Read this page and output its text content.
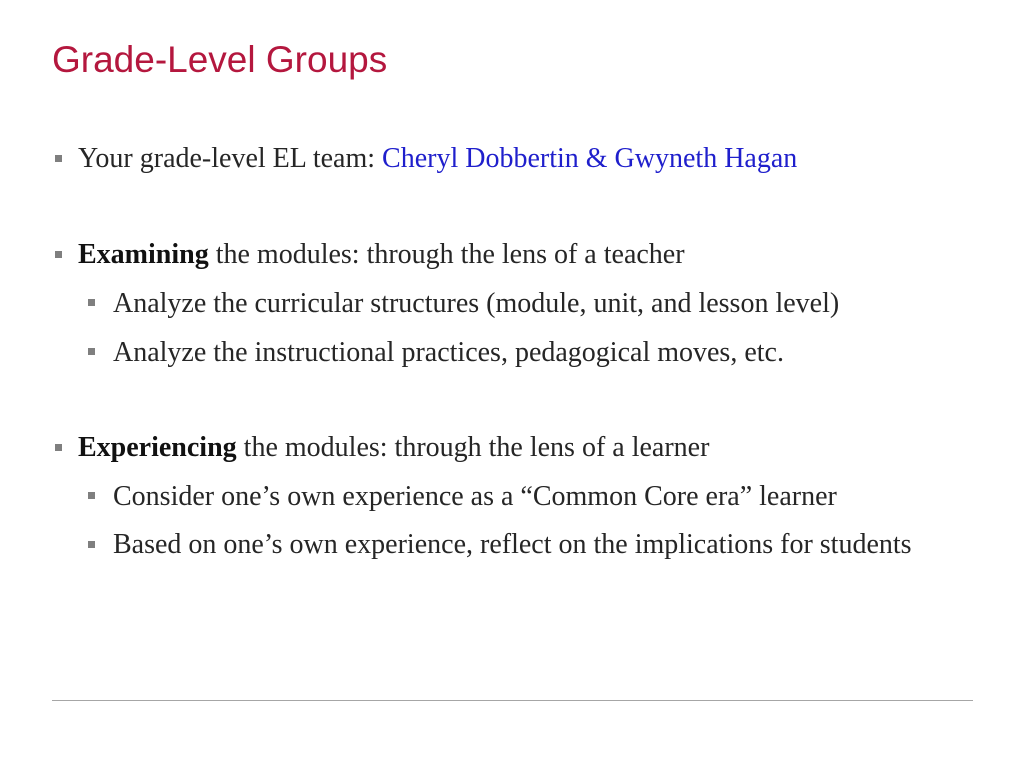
Grade-Level Groups
Your grade-level EL team: Cheryl Dobbertin & Gwyneth Hagan
Examining the modules: through the lens of a teacher
Analyze the curricular structures (module, unit, and lesson level)
Analyze the instructional practices, pedagogical moves, etc.
Experiencing the modules: through the lens of a learner
Consider one’s own experience as a “Common Core era” learner
Based on one’s own experience, reflect on the implications for students
